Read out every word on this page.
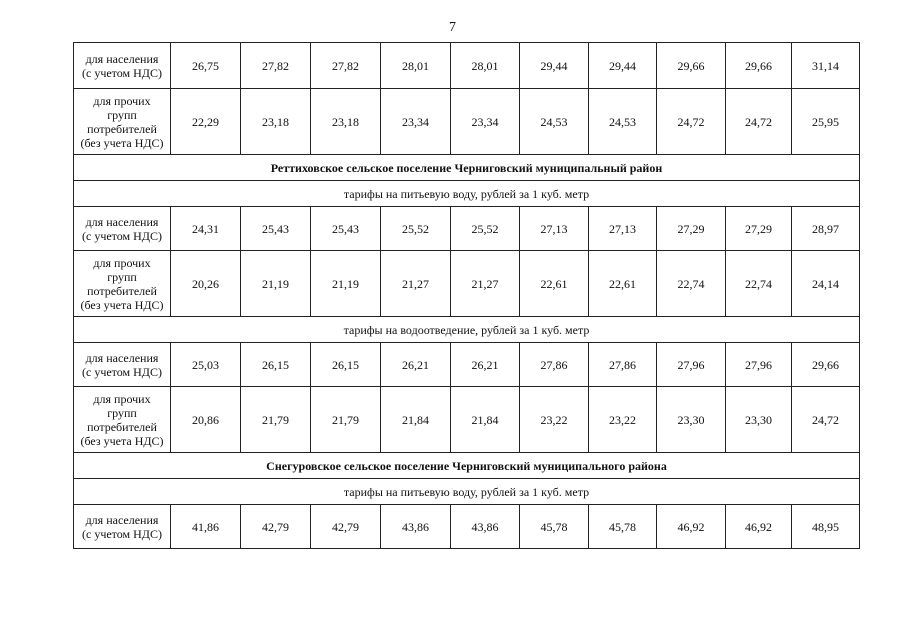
7
для населения
(с учетом НДС)	26,75	27,82	27,82	28,01	28,01	29,44	29,44	29,66	29,66	31,14
для прочих
групп
потребителей
(без учета НДС)	22,29	23,18	23,18	23,34	23,34	24,53	24,53	24,72	24,72	25,95
Реттиховское сельское поселение Черниговский муниципальный район										
тарифы на питьевую воду, рублей за 1 куб. метр										
для населения
(с учетом НДС)	24,31	25,43	25,43	25,52	25,52	27,13	27,13	27,29	27,29	28,97
для прочих
групп
потребителей
(без учета НДС)	20,26	21,19	21,19	21,27	21,27	22,61	22,61	22,74	22,74	24,14
тарифы на водоотведение, рублей за 1 куб. метр										
для населения
(с учетом НДС)	25,03	26,15	26,15	26,21	26,21	27,86	27,86	27,96	27,96	29,66
для прочих
групп
потребителей
(без учета НДС)	20,86	21,79	21,79	21,84	21,84	23,22	23,22	23,30	23,30	24,72
Снегуровское сельское поселение Черниговский муниципального района										
тарифы на питьевую воду, рублей за 1 куб. метр										
для населения
(с учетом НДС)	41,86	42,79	42,79	43,86	43,86	45,78	45,78	46,92	46,92	48,95
